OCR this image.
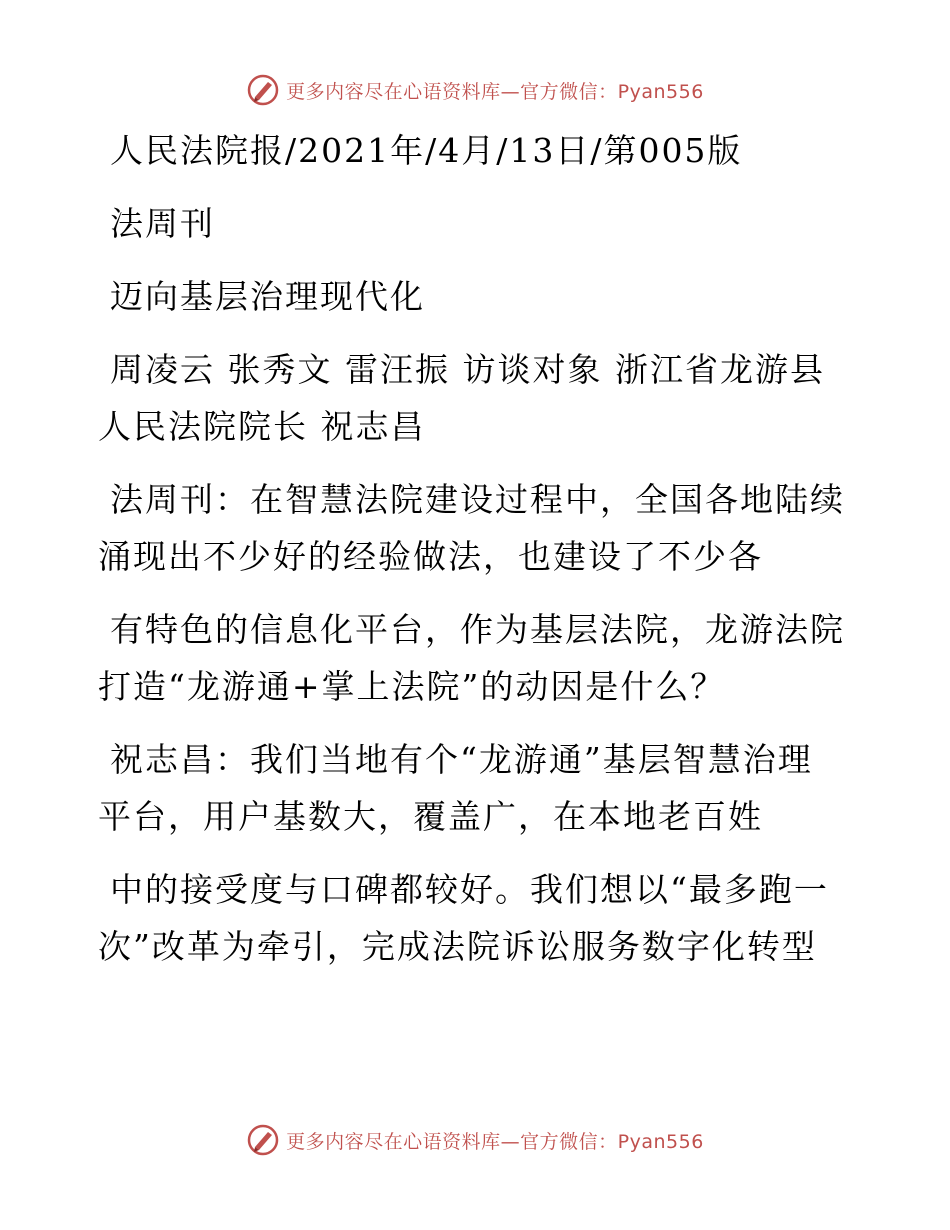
更多内容尽在心语资料库—官方微信：Pyan556

人民法院报/2021年/4月/13日/第005版

法周刊

迈向基层治理现代化

周凌云 张秀文 雷汪振 访谈对象 浙江省龙游县
人民法院院长 祝志昌

法周刊：在智慧法院建设过程中，全国各地陆续
涌现出不少好的经验做法，也建设了不少各

有特色的信息化平台，作为基层法院，龙游法院
打造“龙游通+掌上法院”的动因是什么？

祝志昌：我们当地有个“龙游通”基层智慧治理
平台，用户基数大，覆盖广，在本地老百姓

中的接受度与口碑都较好。我们想以“最多跑一
次”改革为牵引，完成法院诉讼服务数字化转型

更多内容尽在心语资料库—官方微信：Pyan556
